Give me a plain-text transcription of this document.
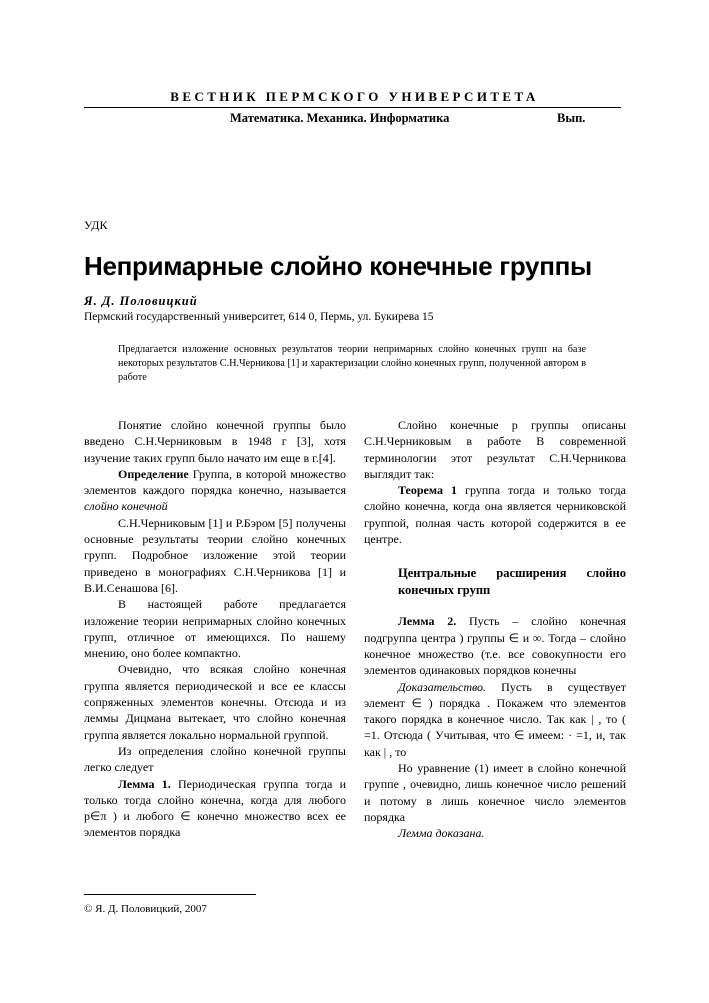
ВЕСТНИК ПЕРМСКОГО УНИВЕРСИТЕТА
Математика. Механика. Информатика	Вып.
УДК
Непримарные слойно конечные группы
Я. Д. Половицкий
Пермский государственный университет, 614 0, Пермь, ул. Букирева 15
Предлагается изложение основных результатов теории непримарных слойно конечных групп на базе некоторых результатов С.Н.Черникова [1] и характеризации слойно конечных групп, полученной автором в работе

Понятие слойно конечной группы было введено С.Н.Черниковым в 1948 г [3], хотя изучение таких групп было начато им еще в г.[4].

Определение Группа, в которой множество элементов каждого порядка конечно, называется слойно конечной

С.Н.Черниковым [1] и Р.Бэром [5] получены основные результаты теории слойно конечных групп. Подробное изложение этой теории приведено в монографиях С.Н.Черникова [1] и В.И.Сенашова [6].

В настоящей работе предлагается изложение теории непримарных слойно конечных групп, отличное от имеющихся. По нашему мнению, оно более компактно.

Очевидно, что всякая слойно конечная группа является периодической и все ее классы сопряженных элементов конечны. Отсюда и из леммы Дицмана вытекает, что слойно конечная группа является локально нормальной группой.

Из определения слойно конечной группы легко следует

Лемма 1. Периодическая группа тогда и только тогда слойно конечна, когда для любого p∈π ) и любого ∈ конечно множество всех ее элементов порядка

Слойно конечные p группы описаны С.Н.Черниковым в работе В современной терминологии этот результат С.Н.Черникова выглядит так:

Теорема 1 группа тогда и только тогда слойно конечна, когда она является черниковской группой, полная часть которой содержится в ее центре.

Центральные расширения слойно конечных групп

Лемма 2. Пусть – слойно конечная подгруппа центра ) группы ∈ и ∞. Тогда – слойно конечное множество (т.е. все совокупности его элементов одинаковых порядков конечны

Доказательство. Пусть в существует элемент ∈ ) порядка . Покажем что элементов такого порядка в конечное число. Так как | , то ( =1. Отсюда ( Учитывая, что ∈ имеем: · =1, и, так как | , то

Но уравнение (1) имеет в слойно конечной группе , очевидно, лишь конечное число решений и потому в лишь конечное число элементов порядка

Лемма доказана.

© Я. Д. Половицкий, 2007
